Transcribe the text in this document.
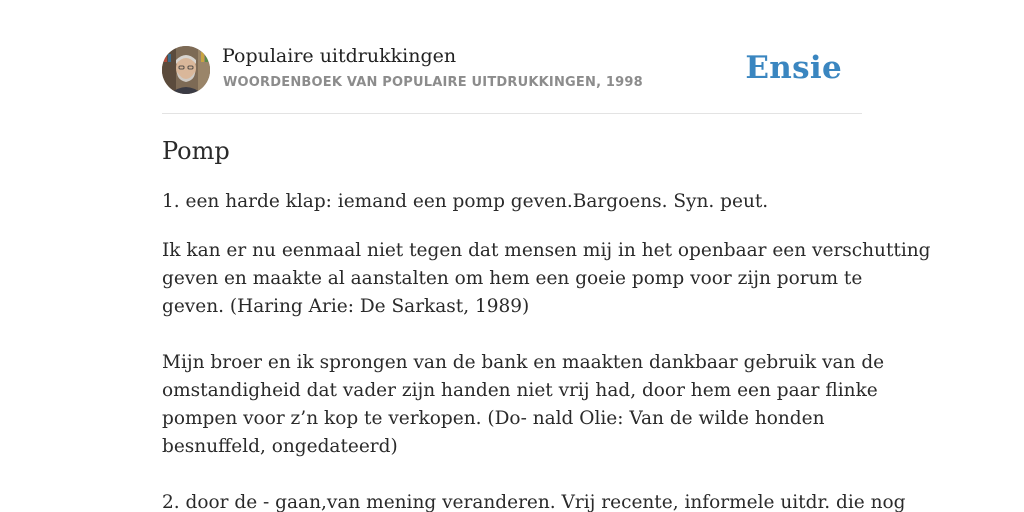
Populaire uitdrukkingen
WOORDENBOEK VAN POPULAIRE UITDRUKKINGEN, 1998	Ensie
Pomp

1. een harde klap: iemand een pomp geven.Bargoens. Syn. peut.

Ik kan er nu eenmaal niet tegen dat mensen mij in het openbaar een verschutting
geven en maakte al aanstalten om hem een goeie pomp voor zijn porum te
geven. (Haring Arie: De Sarkast, 1989)
Mijn broer en ik sprongen van de bank en maakten dankbaar gebruik van de
omstandigheid dat vader zijn handen niet vrij had, door hem een paar flinke
pompen voor z’n kop te verkopen. (Do- nald Olie: Van de wilde honden
besnuffeld, ongedateerd)
2. door de - gaan,van mening veranderen. Vrij recente, informele uitdr. die nog
